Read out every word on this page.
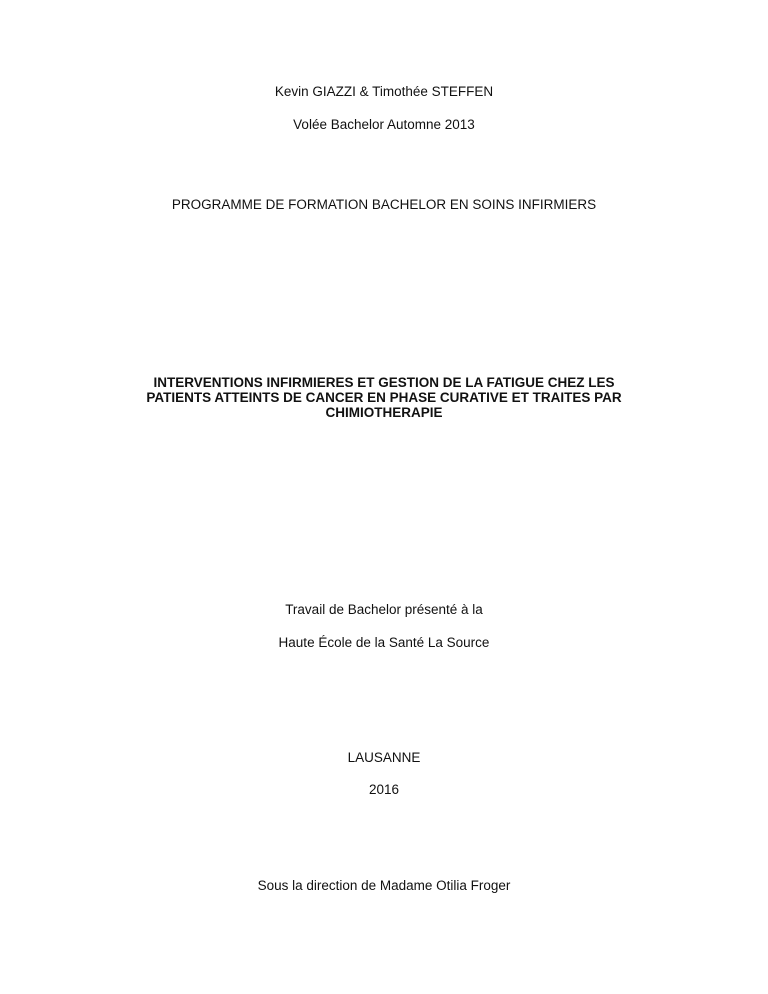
Kevin GIAZZI & Timothée STEFFEN
Volée Bachelor Automne 2013
PROGRAMME DE FORMATION BACHELOR EN SOINS INFIRMIERS
INTERVENTIONS INFIRMIERES ET GESTION DE LA FATIGUE CHEZ LES
PATIENTS ATTEINTS DE CANCER EN PHASE CURATIVE ET TRAITES PAR
CHIMIOTHERAPIE
Travail de Bachelor présenté à la
Haute École de la Santé La Source
LAUSANNE
2016
Sous la direction de Madame Otilia Froger
